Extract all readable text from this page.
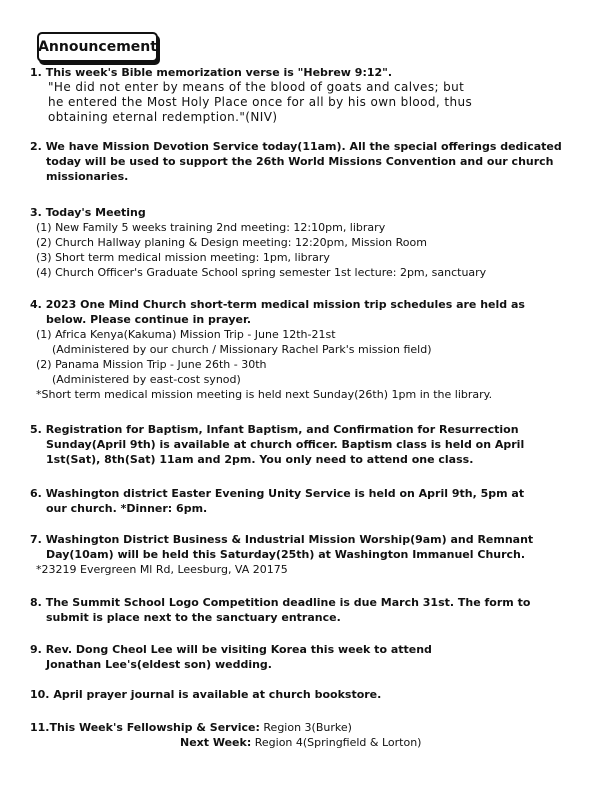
Announcement
1. This week's Bible memorization verse is "Hebrew 9:12".
"He did not enter by means of the blood of goats and calves; but
he entered the Most Holy Place once for all by his own blood, thus
obtaining eternal redemption."(NIV)
2. We have Mission Devotion Service today(11am). All the special offerings dedicated
today will be used to support the 26th World Missions Convention and our church
missionaries.
3. Today's Meeting
(1) New Family 5 weeks training 2nd meeting: 12:10pm, library
(2) Church Hallway planing & Design meeting: 12:20pm, Mission Room
(3) Short term medical mission meeting: 1pm, library
(4) Church Officer's Graduate School spring semester 1st lecture: 2pm, sanctuary
4. 2023 One Mind Church short-term medical mission trip schedules are held as
below. Please continue in prayer.
(1) Africa Kenya(Kakuma) Mission Trip - June 12th-21st
(Administered by our church / Missionary Rachel Park's mission field)
(2) Panama Mission Trip - June 26th - 30th
(Administered by east-cost synod)
*Short term medical mission meeting is held next Sunday(26th) 1pm in the library.
5. Registration for Baptism, Infant Baptism, and Confirmation for Resurrection
Sunday(April 9th) is available at church officer. Baptism class is held on April
1st(Sat), 8th(Sat) 11am and 2pm. You only need to attend one class.
6. Washington district Easter Evening Unity Service is held on April 9th, 5pm at
our church. *Dinner: 6pm.
7. Washington District Business & Industrial Mission Worship(9am) and Remnant
Day(10am) will be held this Saturday(25th) at Washington Immanuel Church.
*23219 Evergreen Ml Rd, Leesburg, VA 20175
8. The Summit School Logo Competition deadline is due March 31st. The form to
submit is place next to the sanctuary entrance.
9. Rev. Dong Cheol Lee will be visiting Korea this week to attend
Jonathan Lee's(eldest son) wedding.
10. April prayer journal is available at church bookstore.
11.This Week's Fellowship & Service: Region 3(Burke)
Next Week: Region 4(Springfield & Lorton)
